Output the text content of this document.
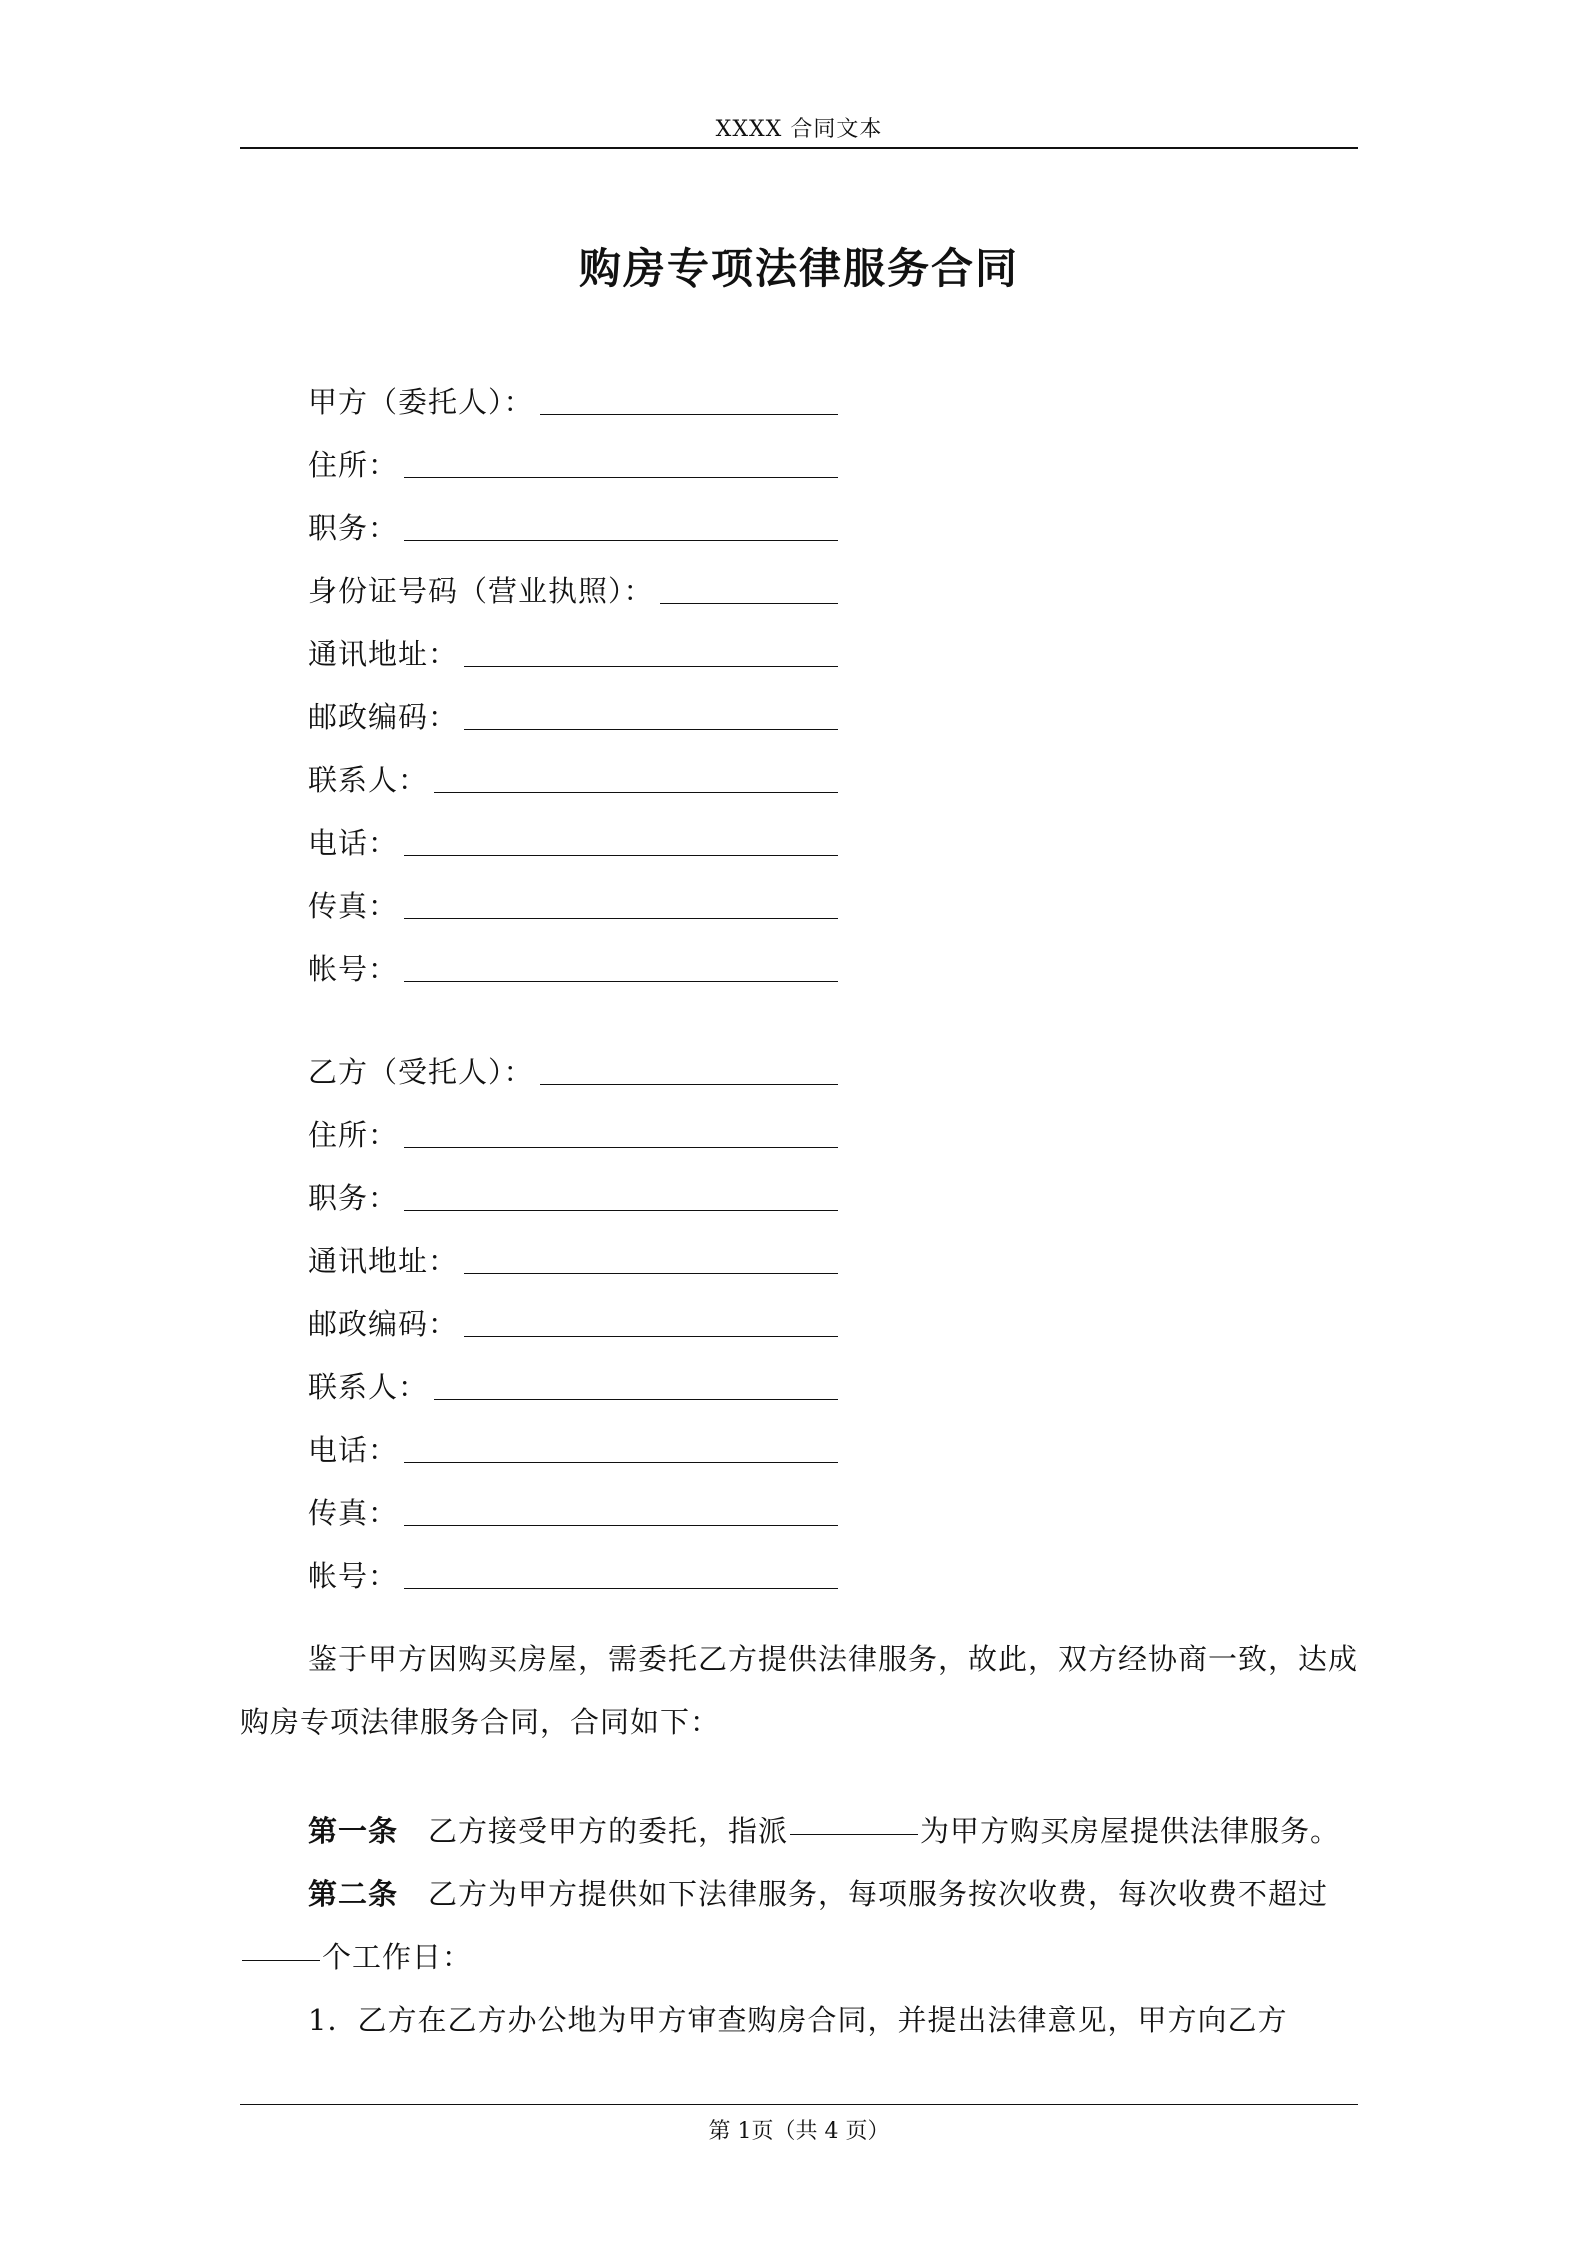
XXXX 合同文本
购房专项法律服务合同
甲方（委托人）：
住所：
职务：
身份证号码（营业执照）：
通讯地址：
邮政编码：
联系人：
电话：
传真：
帐号：
乙方（受托人）：
住所：
职务：
通讯地址：
邮政编码：
联系人：
电话：
传真：
帐号：
鉴于甲方因购买房屋，需委托乙方提供法律服务，故此，双方经协商一致，达成购房专项法律服务合同，合同如下：
第一条  乙方接受甲方的委托，指派	为甲方购买房屋提供法律服务。
第二条  乙方为甲方提供如下法律服务，每项服务按次收费，每次收费不超过个工作日：
1．乙方在乙方办公地为甲方审查购房合同，并提出法律意见，甲方向乙方
第 1页（共 4 页）
